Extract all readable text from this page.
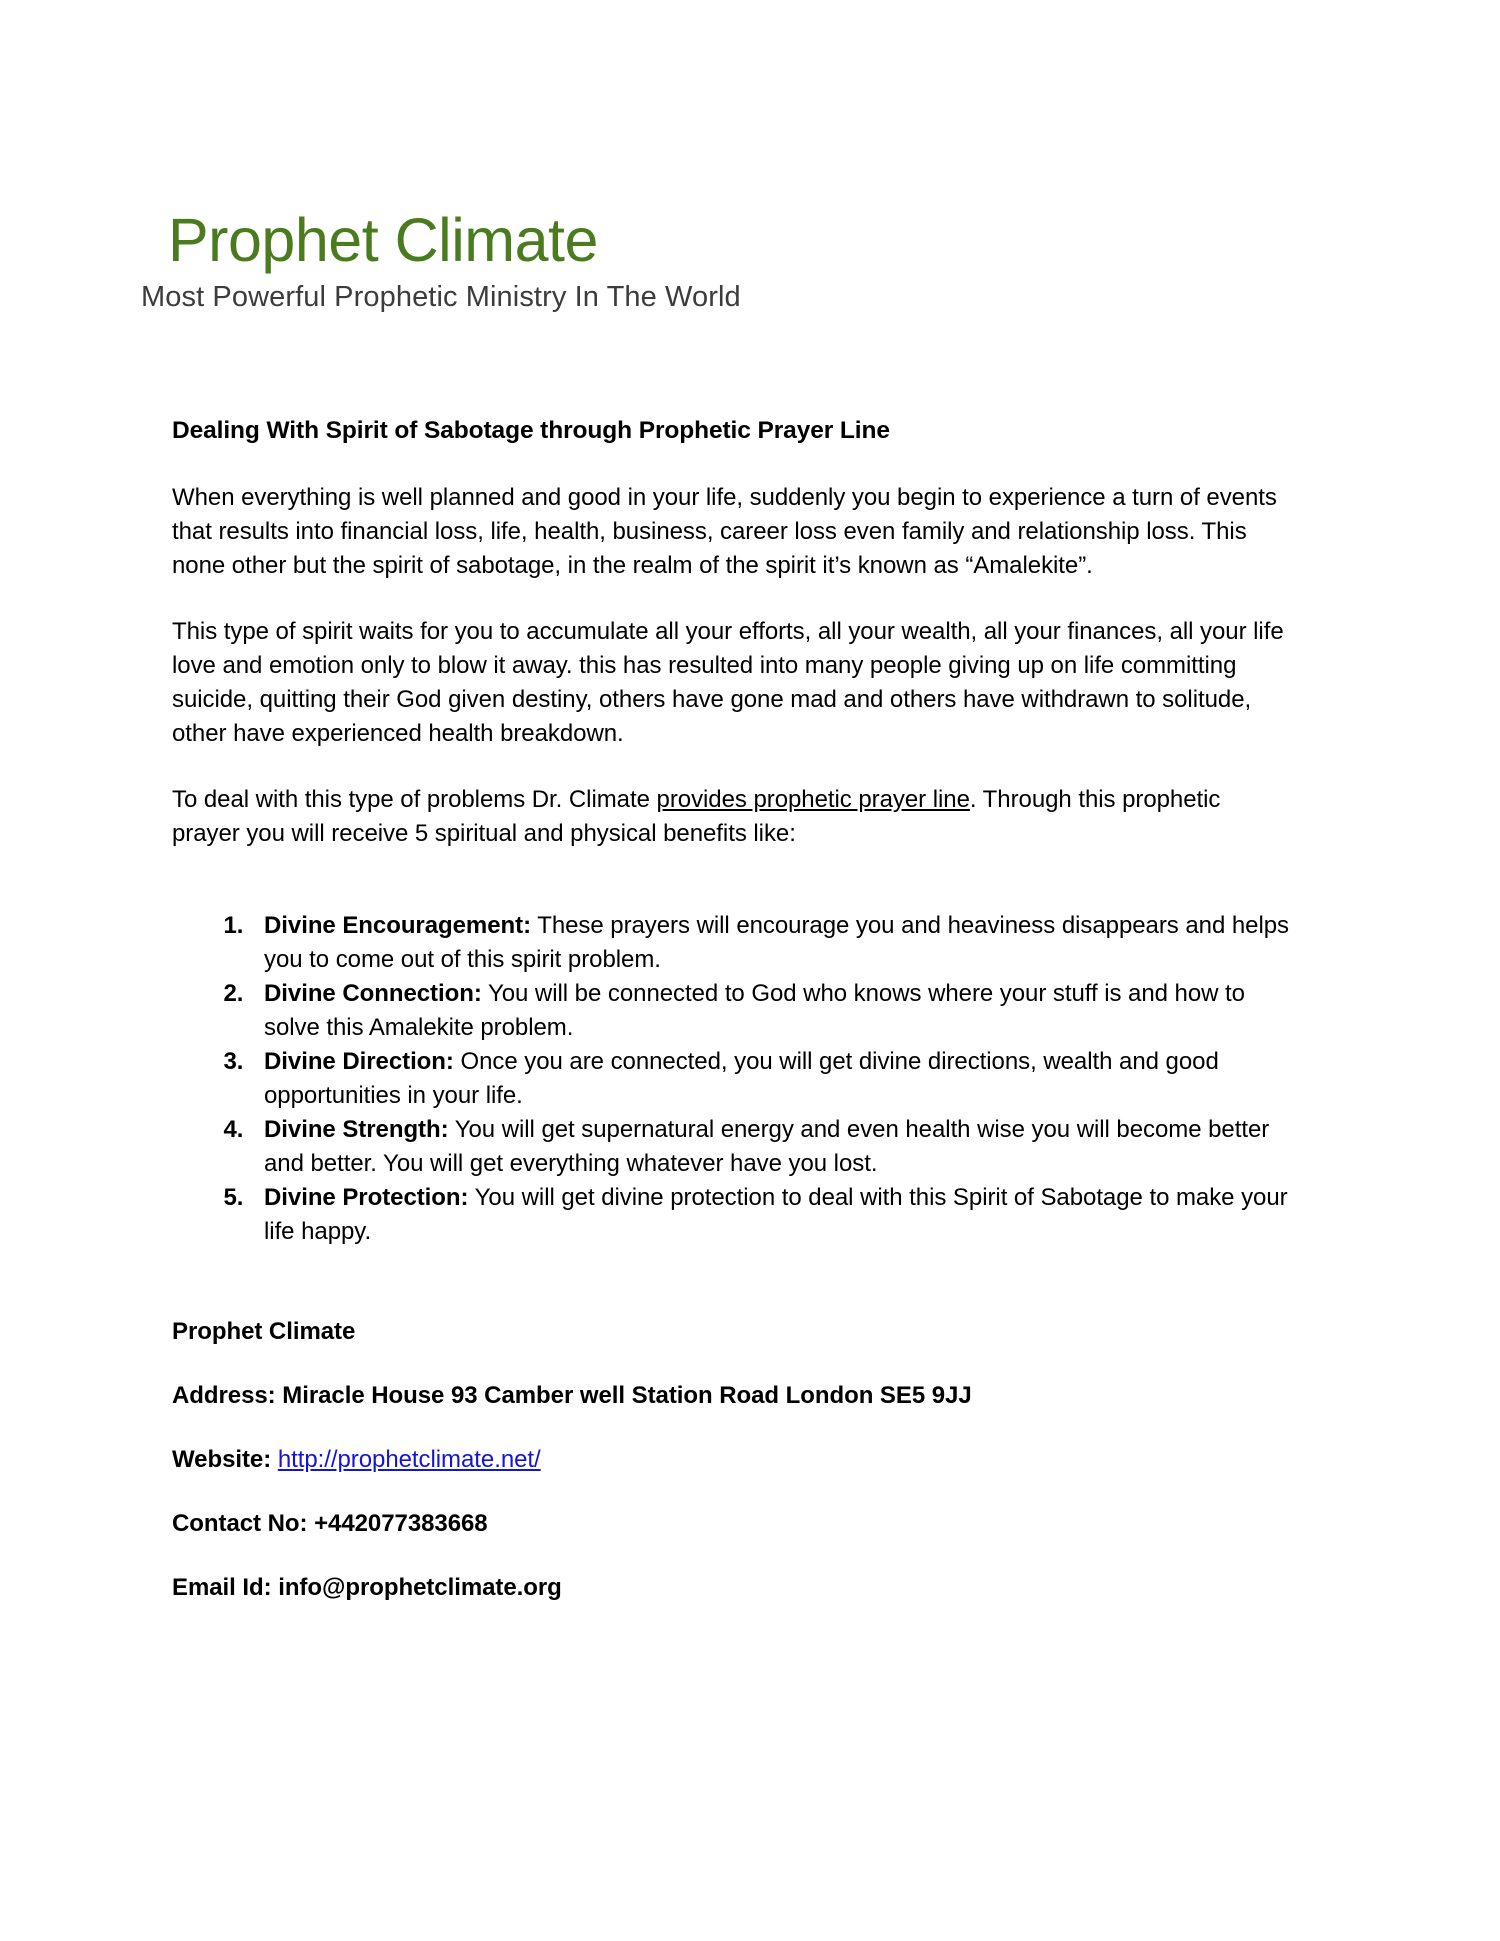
Prophet Climate
Most Powerful Prophetic Ministry In The World
Dealing With Spirit of Sabotage through Prophetic Prayer Line

When everything is well planned and good in your life, suddenly you begin to experience a turn of events that results into financial loss, life, health, business, career loss even family and relationship loss. This none other but the spirit of sabotage, in the realm of the spirit it’s known as “Amalekite”.

This type of spirit waits for you to accumulate all your efforts, all your wealth, all your finances, all your life love and emotion only to blow it away. this has resulted into many people giving up on life committing suicide, quitting their God given destiny, others have gone mad and others have withdrawn to solitude, other have experienced health breakdown.

To deal with this type of problems Dr. Climate provides prophetic prayer line. Through this prophetic prayer you will receive 5 spiritual and physical benefits like:

1. Divine Encouragement: These prayers will encourage you and heaviness disappears and helps you to come out of this spirit problem.
2. Divine Connection: You will be connected to God who knows where your stuff is and how to solve this Amalekite problem.
3. Divine Direction: Once you are connected, you will get divine directions, wealth and good opportunities in your life.
4. Divine Strength: You will get supernatural energy and even health wise you will become better and better. You will get everything whatever have you lost.
5. Divine Protection: You will get divine protection to deal with this Spirit of Sabotage to make your life happy.

Prophet Climate

Address: Miracle House 93 Camber well Station Road London SE5 9JJ

Website: http://prophetclimate.net/

Contact No: +442077383668

Email Id: info@prophetclimate.org
